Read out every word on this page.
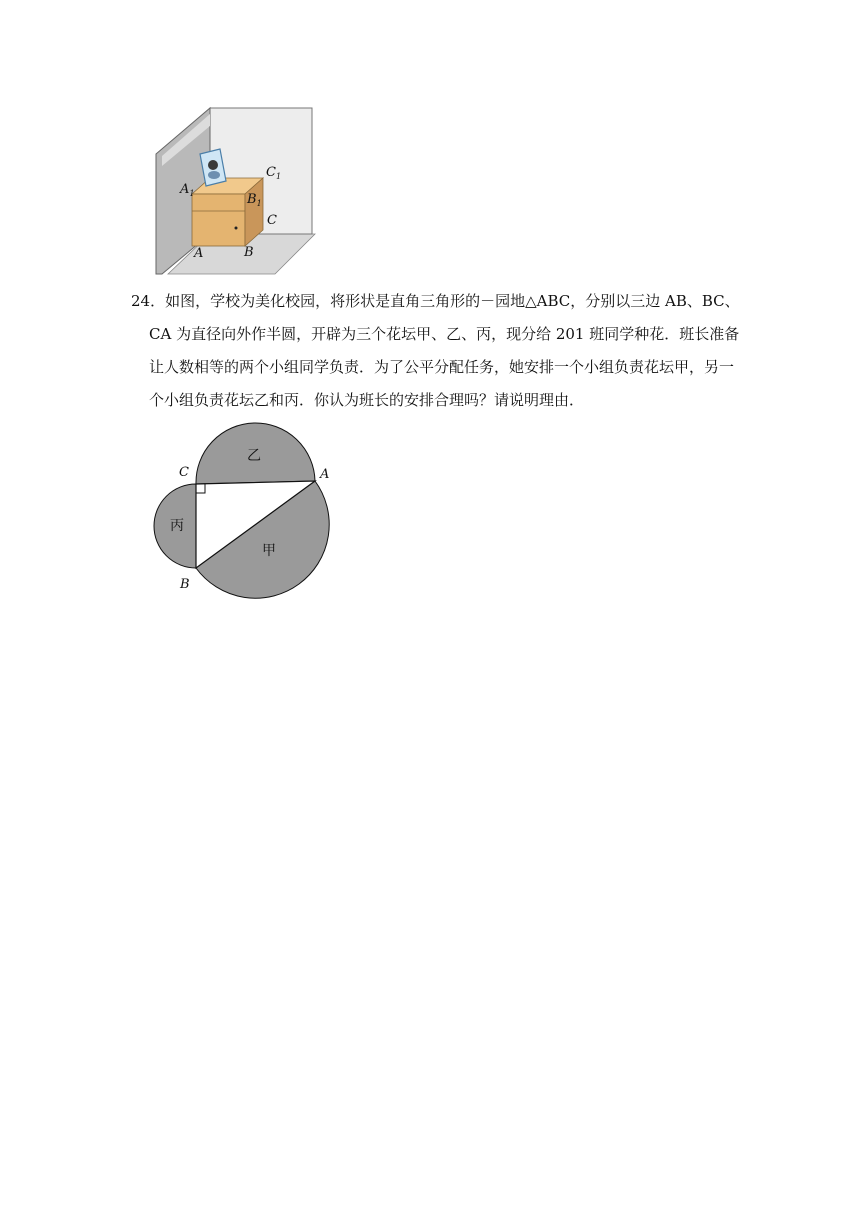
$A_1$
$C_1$
$B_1$
C
A	B

24．如图，学校为美化校园，将形状是直角三角形的－园地△ABC，分别以三边 AB、BC、CA 为直径向外作半圆，开辟为三个花坛甲、乙、丙，现分给 201 班同学种花．班长准备让人数相等的两个小组同学负责．为了公平分配任务，她安排一个小组负责花坛甲，另一个小组负责花坛乙和丙．你认为班长的安排合理吗？请说明理由．

C	A
B
乙
丙
甲
